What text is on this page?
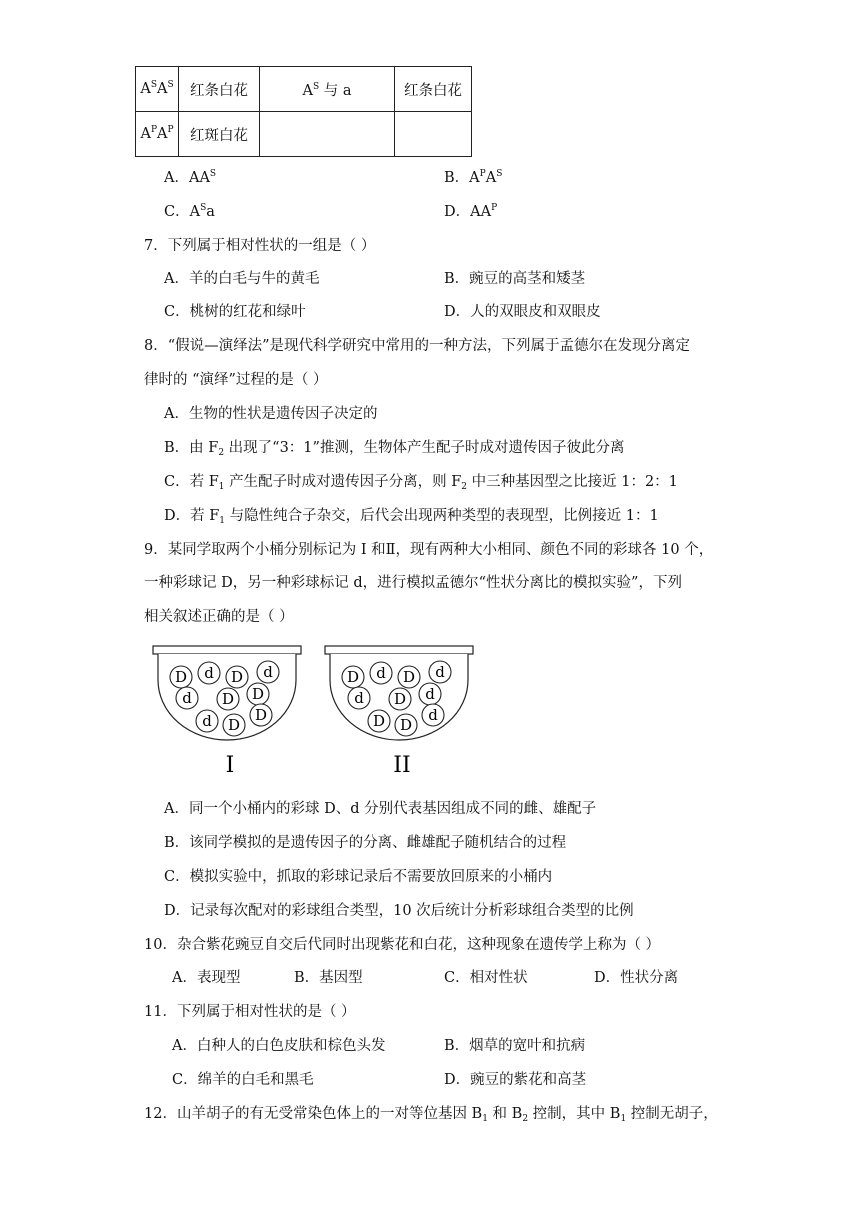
$A^SA^S$	红条白花	$A^S$ 与 a	红条白花
$A^PA^P$	红斑白花		
A．$AA^S$	B．$A^PA^S$
C．$A^Sa$	D．$AA^P$
7．下列属于相对性状的一组是（ ）
A．羊的白毛与牛的黄毛	B．豌豆的高茎和矮茎
C．桃树的红花和绿叶	D．人的双眼皮和双眼皮
8．“假说—演绎法”是现代科学研究中常用的一种方法，下列属于孟德尔在发现分离定
律时的 “演绎”过程的是（ ）
A．生物的性状是遗传因子决定的
B．由 $F_2$ 出现了“3：1”推测，生物体产生配子时成对遗传因子彼此分离
C．若 $F_1$ 产生配子时成对遗传因子分离，则 $F_2$ 中三种基因型之比接近 1：2：1
D．若 $F_1$ 与隐性纯合子杂交，后代会出现两种类型的表现型，比例接近 1：1
9．某同学取两个小桶分别标记为 I 和Ⅱ，现有两种大小相同、颜色不同的彩球各 10 个，
一种彩球记 D，另一种彩球标记 d，进行模拟孟德尔“性状分离比的模拟实验”，下列
相关叙述正确的是（ ）
D d D d
d D D
d D
D
I
D d D d
d D d
D D
d
II
A．同一个小桶内的彩球 D、d 分别代表基因组成不同的雌、雄配子
B．该同学模拟的是遗传因子的分离、雌雄配子随机结合的过程
C．模拟实验中，抓取的彩球记录后不需要放回原来的小桶内
D．记录每次配对的彩球组合类型，10 次后统计分析彩球组合类型的比例
10．杂合紫花豌豆自交后代同时出现紫花和白花，这种现象在遗传学上称为（ ）
A．表现型	B．基因型	C．相对性状	D．性状分离
11．下列属于相对性状的是（ ）
A．白种人的白色皮肤和棕色头发	B．烟草的宽叶和抗病
C．绵羊的白毛和黑毛	D．豌豆的紫花和高茎
12．山羊胡子的有无受常染色体上的一对等位基因 $B_1$ 和 $B_2$ 控制，其中 $B_1$ 控制无胡子，
